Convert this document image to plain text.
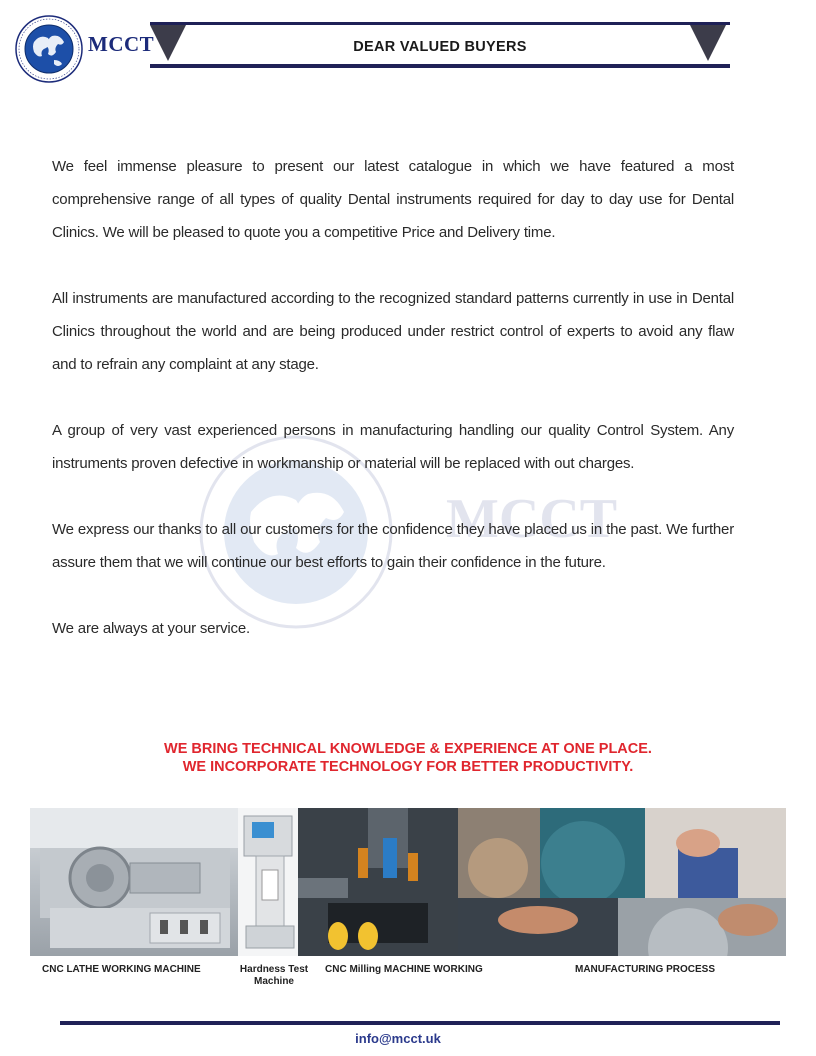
MCCT	DEAR VALUED BUYERS
MCCT

We feel immense pleasure to present our latest catalogue in which we have featured a most comprehensive range of all types of quality Dental instruments required for day to day use for Dental Clinics. We will be pleased to quote you a competitive Price and Delivery time.

All instruments are manufactured according to the recognized standard patterns currently in use in Dental Clinics throughout the world and are being produced under restrict control of experts to avoid any flaw and to refrain any complaint at any stage.

A group of very vast experienced persons in manufacturing handling our quality Control System. Any instruments proven defective in workmanship or material will be replaced with out charges.

We express our thanks to all our customers for the confidence they have placed us in the past. We further assure them that we will continue our best efforts to gain their confidence in the future.

We are always at your service.

WE BRING TECHNICAL KNOWLEDGE & EXPERIENCE AT ONE PLACE.
WE INCORPORATE TECHNOLOGY FOR BETTER PRODUCTIVITY.
CNC LATHE WORKING MACHINE	Hardness Test
Machine
CNC Milling MACHINE WORKING	MANUFACTURING PROCESS
info@mcct.uk
